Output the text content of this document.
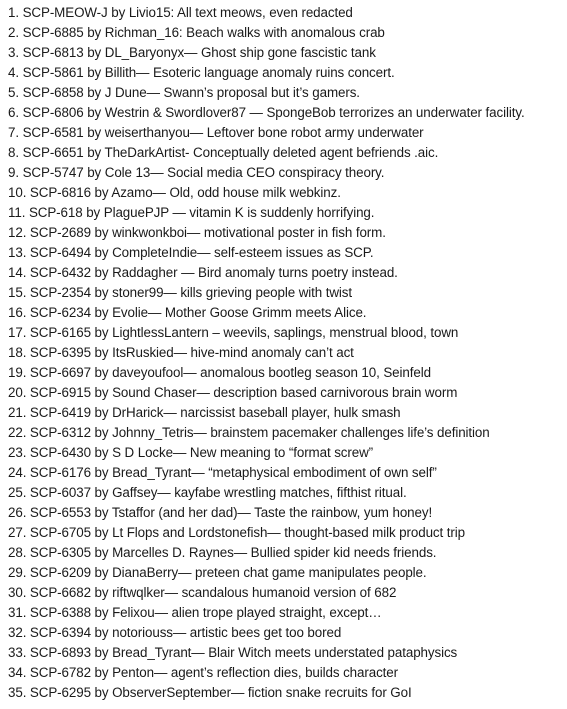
1. SCP-MEOW-J by Livio15: All text meows, even redacted
2. SCP-6885 by Richman_16: Beach walks with anomalous crab
3. SCP-6813 by DL_Baryonyx— Ghost ship gone fascistic tank
4. SCP-5861 by Billith— Esoteric language anomaly ruins concert.
5. SCP-6858 by J Dune— Swann’s proposal but it’s gamers.
6. SCP-6806 by Westrin & Swordlover87 — SpongeBob terrorizes an underwater facility.
7. SCP-6581 by weiserthanyou— Leftover bone robot army underwater
8. SCP-6651 by TheDarkArtist- Conceptually deleted agent befriends .aic.
9. SCP-5747 by Cole 13— Social media CEO conspiracy theory.
10. SCP-6816 by Azamo— Old, odd house milk webkinz.
11. SCP-618 by PlaguePJP — vitamin K is suddenly horrifying.
12. SCP-2689 by winkwonkboi— motivational poster in fish form.
13. SCP-6494 by CompleteIndie— self-esteem issues as SCP.
14. SCP-6432 by Raddagher — Bird anomaly turns poetry instead.
15. SCP-2354 by stoner99— kills grieving people with twist
16. SCP-6234 by Evolie— Mother Goose Grimm meets Alice.
17. SCP-6165 by LightlessLantern – weevils, saplings, menstrual blood, town
18. SCP-6395 by ItsRuskied— hive-mind anomaly can’t act
19. SCP-6697 by daveyoufool— anomalous bootleg season 10, Seinfeld
20. SCP-6915 by Sound Chaser— description based carnivorous brain worm
21. SCP-6419 by DrHarick— narcissist baseball player, hulk smash
22. SCP-6312 by Johnny_Tetris— brainstem pacemaker challenges life’s definition
23. SCP-6430 by S D Locke— New meaning to “format screw”
24. SCP-6176 by Bread_Tyrant— “metaphysical embodiment of own self”
25. SCP-6037 by Gaffsey— kayfabe wrestling matches, fifthist ritual.
26. SCP-6553 by Tstaffor (and her dad)— Taste the rainbow, yum honey!
27. SCP-6705 by Lt Flops and Lordstonefish— thought-based milk product trip
28. SCP-6305 by Marcelles D. Raynes— Bullied spider kid needs friends.
29. SCP-6209 by DianaBerry— preteen chat game manipulates people.
30. SCP-6682 by riftwqlker— scandalous humanoid version of 682
31. SCP-6388 by Felixou— alien trope played straight, except…
32. SCP-6394 by notoriouss— artistic bees get too bored
33. SCP-6893 by Bread_Tyrant— Blair Witch meets understated pataphysics
34. SCP-6782 by Penton— agent’s reflection dies, builds character
35. SCP-6295 by ObserverSeptember— fiction snake recruits for GoI
